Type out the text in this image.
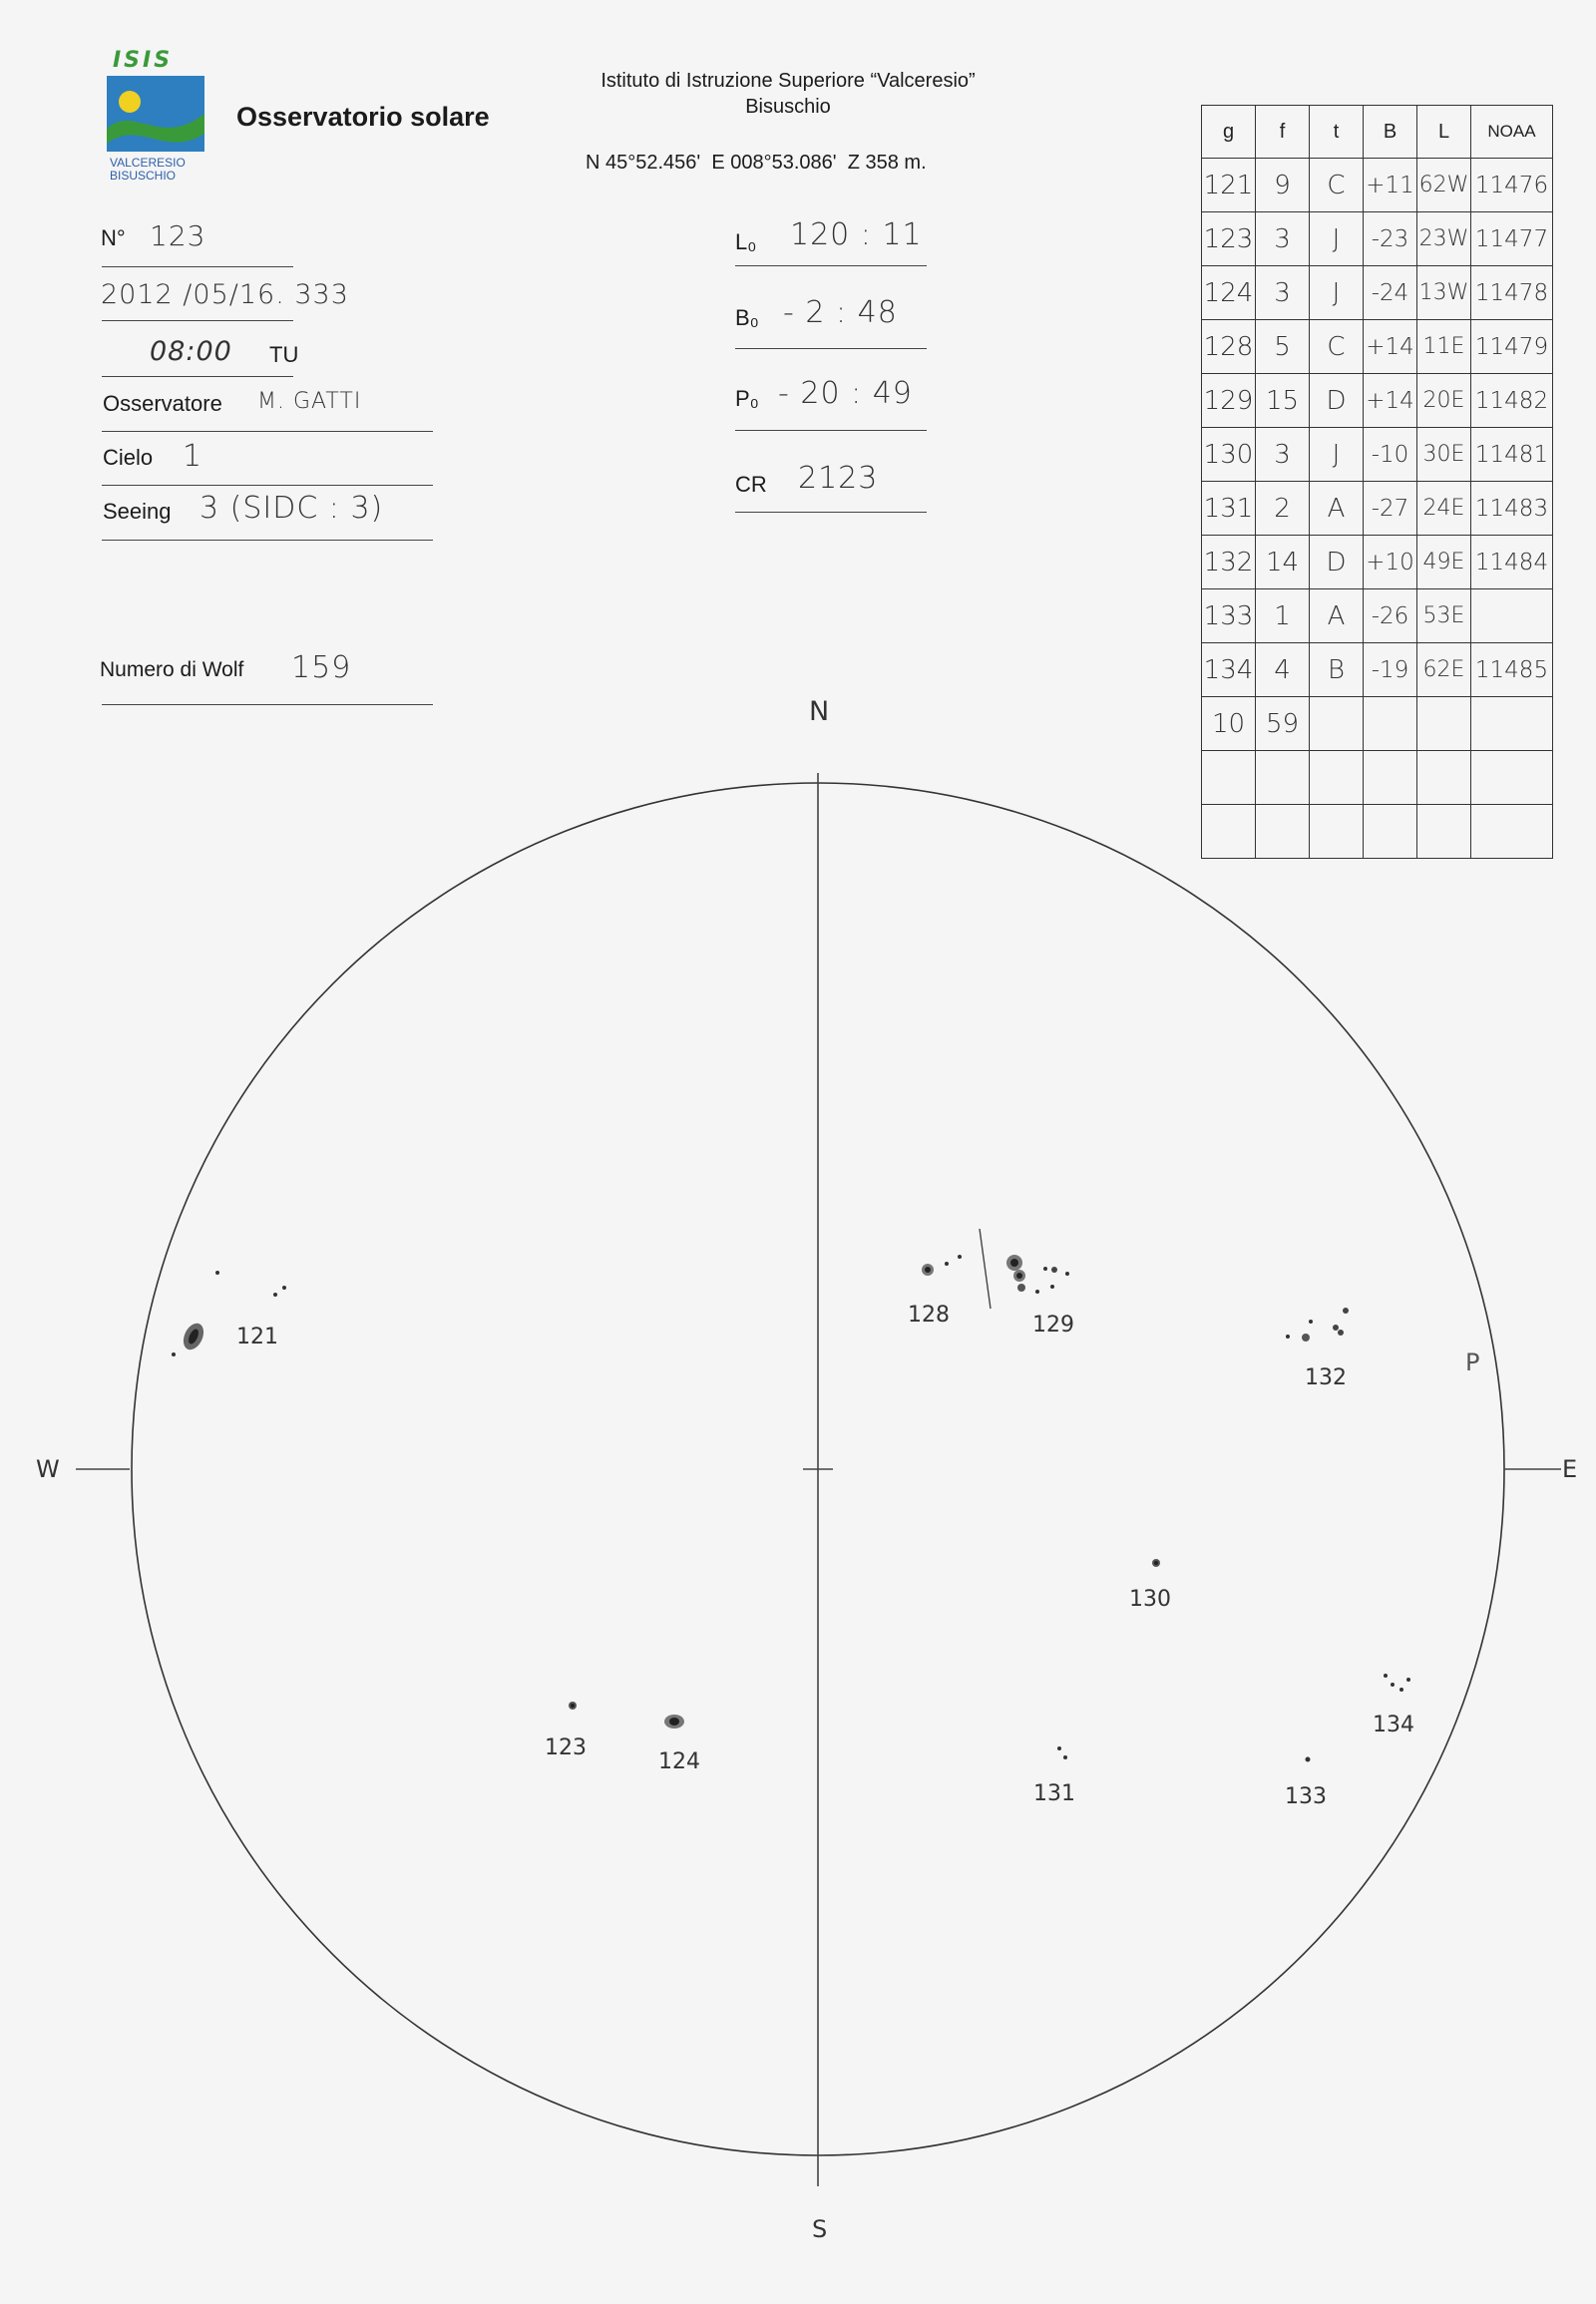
ISIS
VALCERESIO
BISUSCHIO
Osservatorio solare
Istituto di Istruzione Superiore “Valceresio”
Bisuschio
N 45°52.456'  E 008°53.086'  Z 358 m.
N° 123
2012 /05/16. 333
08:00 TU
Osservatore M. GATTI
Cielo 1
Seeing 3 (SIDC : 3)
Numero di Wolf 159
L₀ 120 : 11
B₀ - 2 : 48
P₀ - 20 : 49
CR 2123
g	f	t	B	L	NOAA
121	9	C	+11	62W	11476
123	3	J	-23	23W	11477
124	3	J	-24	13W	11478
128	5	C	+14	11E	11479
129	15	D	+14	20E	11482
130	3	J	-10	30E	11481
131	2	A	-27	24E	11483
132	14	D	+10	49E	11484
133	1	A	-26	53E	
134	4	B	-19	62E	11485
10	59				

N
S
W	E
P
121
128	129
132
130
123
124
131	133
134
